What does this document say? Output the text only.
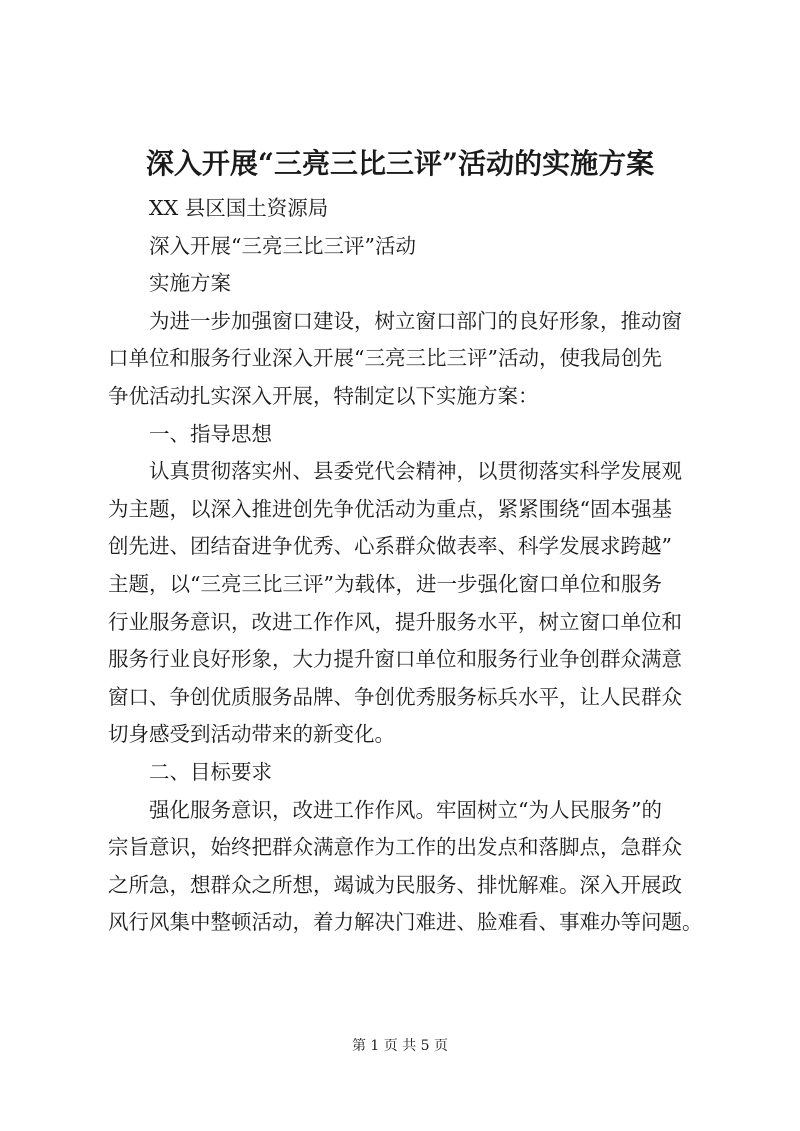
深入开展“三亮三比三评”活动的实施方案
XX 县区国土资源局
深入开展“三亮三比三评”活动
实施方案
为进一步加强窗口建设，树立窗口部门的良好形象，推动窗
口单位和服务行业深入开展“三亮三比三评”活动，使我局创先
争优活动扎实深入开展，特制定以下实施方案：
一、指导思想
认真贯彻落实州、县委党代会精神，以贯彻落实科学发展观
为主题，以深入推进创先争优活动为重点，紧紧围绕“固本强基
创先进、团结奋进争优秀、心系群众做表率、科学发展求跨越”
主题，以“三亮三比三评”为载体，进一步强化窗口单位和服务
行业服务意识，改进工作作风，提升服务水平，树立窗口单位和
服务行业良好形象，大力提升窗口单位和服务行业争创群众满意
窗口、争创优质服务品牌、争创优秀服务标兵水平，让人民群众
切身感受到活动带来的新变化。
二、目标要求
强化服务意识，改进工作作风。牢固树立“为人民服务”的
宗旨意识，始终把群众满意作为工作的出发点和落脚点，急群众
之所急，想群众之所想，竭诚为民服务、排忧解难。深入开展政
风行风集中整顿活动，着力解决门难进、脸难看、事难办等问题。
第 1 页 共 5 页
